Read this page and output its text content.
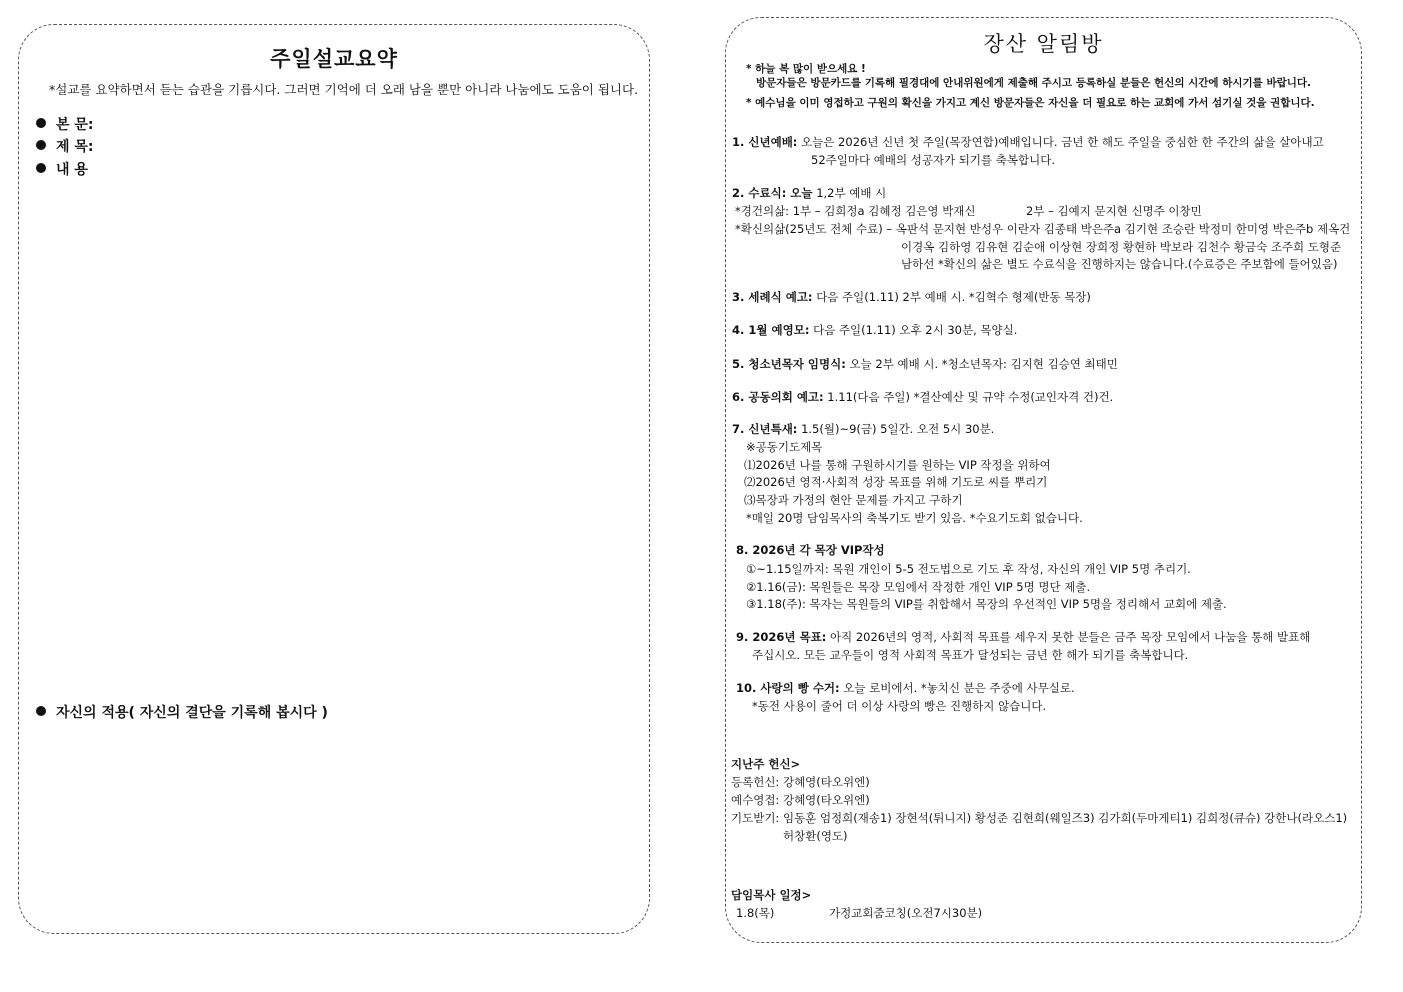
주일설교요약
*설교를 요약하면서 듣는 습관을 기릅시다. 그러면 기억에 더 오래 남을 뿐만 아니라 나눔에도 도움이 됩니다.
본 문:
제 목:
내 용
자신의 적용( 자신의 결단을 기록해 봅시다 )
장산 알림방
* 하늘 복 많이 받으세요 !
방문자들은 방문카드를 기록해 필경대에 안내위원에게 제출해 주시고 등록하실 분들은 헌신의 시간에 하시기를 바랍니다.
* 예수님을 이미 영접하고 구원의 확신을 가지고 계신 방문자들은 자신을 더 필요로 하는 교회에 가서 섬기실 것을 권합니다.
1. 신년예배: 오늘은 2026년 신년 첫 주일(목장연합)예배입니다. 금년 한 해도 주일을 중심한 한 주간의 삶을 살아내고
52주일마다 예배의 성공자가 되기를 축복합니다.
2. 수료식: 오늘 1,2부 예배 시
*경건의삶: 1부 – 김희정a 김혜정 김은영 박재신	2부 – 김예지 문지현 신명주 이창민
*확신의삶(25년도 전체 수료) – 옥판석 문지현 반성우 이란자 김종태 박은주a 김기현 조승란 박정미 한미영 박은주b 제옥건
이경옥 김하영 김유현 김순애 이상현 장희정 황현하 박보라 김천수 황금숙 조주희 도형준
남하선 *확신의 삶은 별도 수료식을 진행하지는 않습니다.(수료증은 주보함에 들어있음)
3. 세례식 예고: 다음 주일(1.11) 2부 예배 시. *김혁수 형제(반동 목장)
4. 1월 예영모: 다음 주일(1.11) 오후 2시 30분, 목양실.
5. 청소년목자 임명식: 오늘 2부 예배 시. *청소년목자: 김지현 김승연 최태민
6. 공동의회 예고: 1.11(다음 주일) *결산예산 및 규약 수정(교인자격 건)건.
7. 신년특새: 1.5(월)~9(금) 5일간. 오전 5시 30분.
※공동기도제목
⑴2026년 나를 통해 구원하시기를 원하는 VIP 작정을 위하여
⑵2026년 영적·사회적 성장 목표를 위해 기도로 씨를 뿌리기
⑶목장과 가정의 현안 문제를 가지고 구하기
*매일 20명 담임목사의 축복기도 받기 있음. *수요기도회 없습니다.
8. 2026년 각 목장 VIP작성
①~1.15일까지: 목원 개인이 5-5 전도법으로 기도 후 작성, 자신의 개인 VIP 5명 추리기.
②1.16(금): 목원들은 목장 모임에서 작정한 개인 VIP 5명 명단 제출.
③1.18(주): 목자는 목원들의 VIP를 취합해서 목장의 우선적인 VIP 5명을 정리해서 교회에 제출.
9. 2026년 목표: 아직 2026년의 영적, 사회적 목표를 세우지 못한 분들은 금주 목장 모임에서 나눔을 통해 발표해
주십시오. 모든 교우들이 영적 사회적 목표가 달성되는 금년 한 해가 되기를 축복합니다.
10. 사랑의 빵 수거: 오늘 로비에서. *놓치신 분은 주중에 사무실로.
*동전 사용이 줄어 더 이상 사랑의 빵은 진행하지 않습니다.
지난주 헌신>
등록헌신: 강혜영(타오위엔)
예수영접: 강혜영(타오위엔)
기도받기: 임동훈 엄정희(재송1) 장현석(튀니지) 황성준 김현희(웨일즈3) 김가희(두마게티1) 김희정(큐슈) 강한나(라오스1)
허창환(영도)
담임목사 일정>
1.8(목)	가정교회줌코칭(오전7시30분)
